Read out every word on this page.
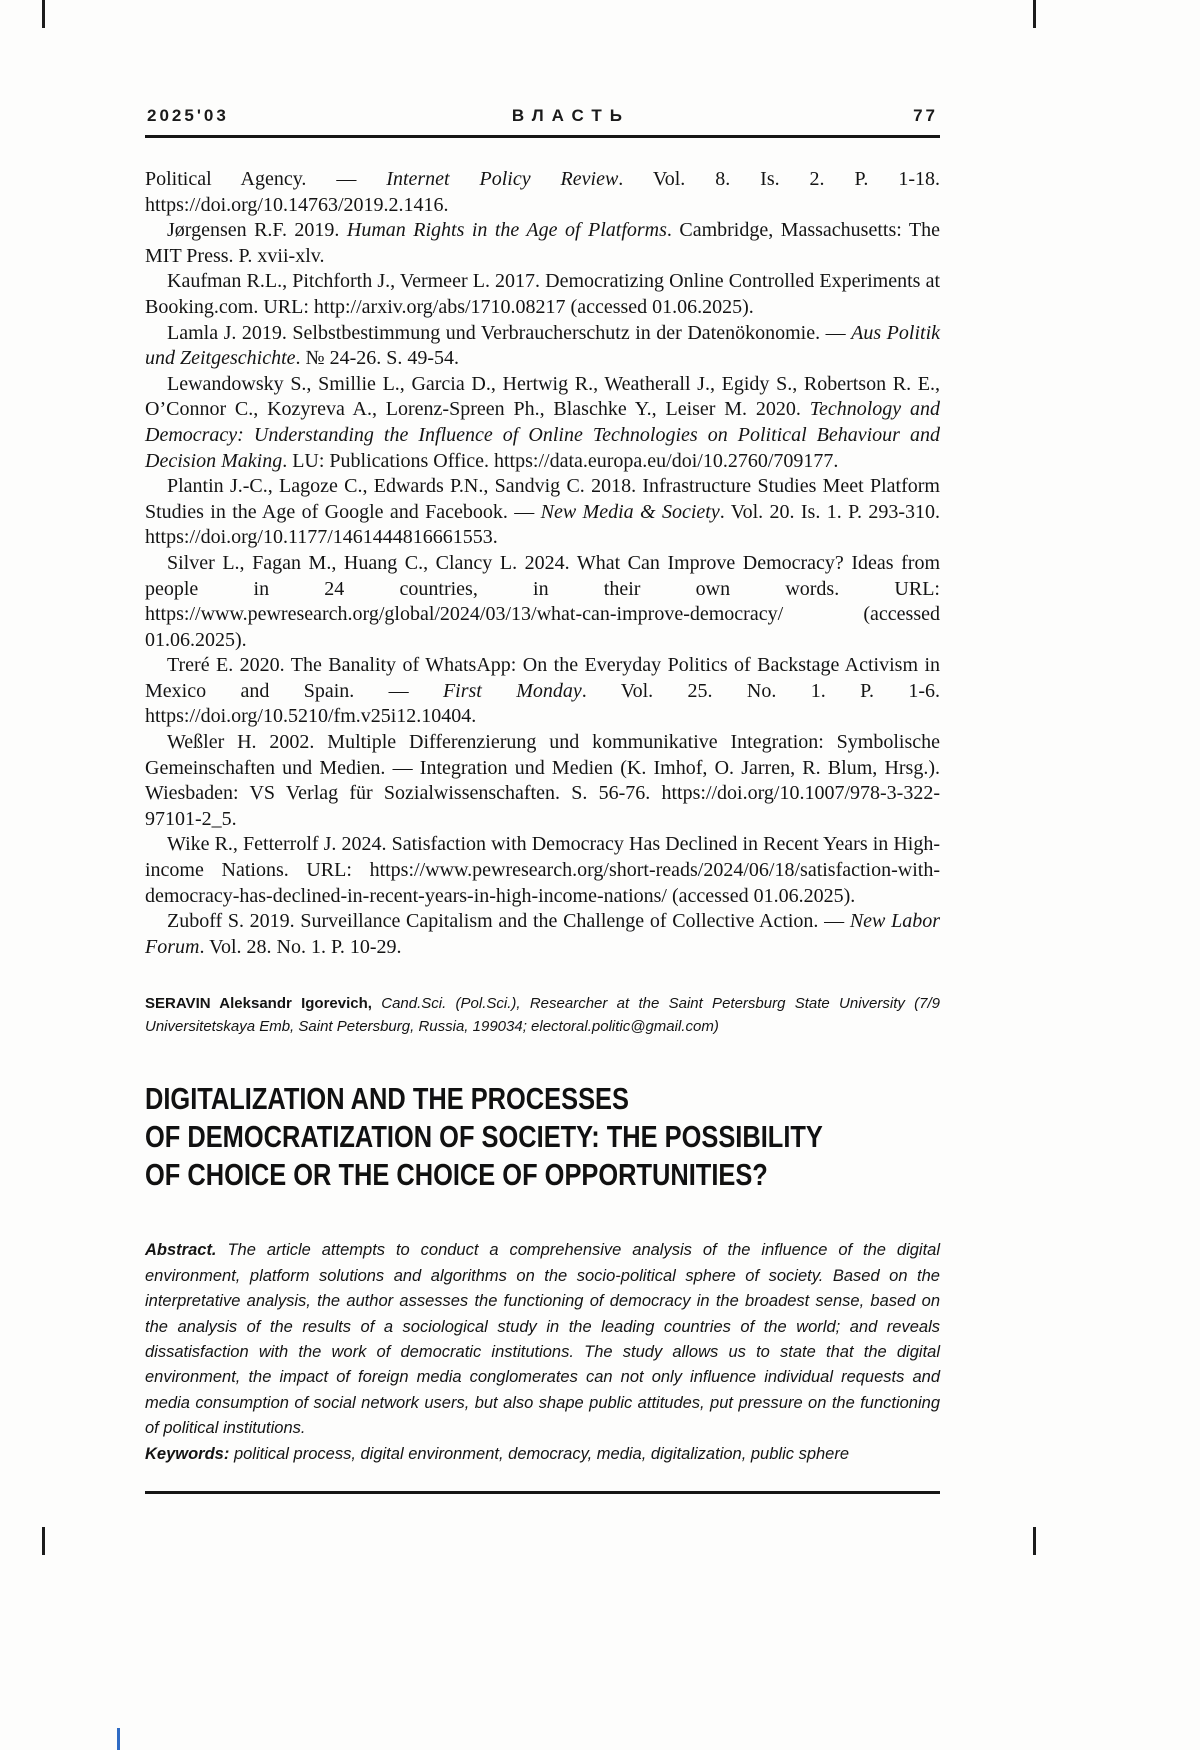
2025'03	ВЛАСТЬ	77

Political Agency. — Internet Policy Review. Vol. 8. Is. 2. P. 1-18. https://doi.org/10.14763/2019.2.1416.

Jørgensen R.F. 2019. Human Rights in the Age of Platforms. Cambridge, Massachusetts: The MIT Press. P. xvii-xlv.

Kaufman R.L., Pitchforth J., Vermeer L. 2017. Democratizing Online Controlled Experiments at Booking.com. URL: http://arxiv.org/abs/1710.08217 (accessed 01.06.2025).

Lamla J. 2019. Selbstbestimmung und Verbraucherschutz in der Datenökonomie. — Aus Politik und Zeitgeschichte. № 24-26. S. 49-54.

Lewandowsky S., Smillie L., Garcia D., Hertwig R., Weatherall J., Egidy S., Robertson R. E., O’Connor C., Kozyreva A., Lorenz-Spreen Ph., Blaschke Y., Leiser M. 2020. Technology and Democracy: Understanding the Influence of Online Technologies on Political Behaviour and Decision Making. LU: Publications Office. https://data.europa.eu/doi/10.2760/709177.

Plantin J.-C., Lagoze C., Edwards P.N., Sandvig C. 2018. Infrastructure Studies Meet Platform Studies in the Age of Google and Facebook. — New Media & Society. Vol. 20. Is. 1. P. 293-310. https://doi.org/10.1177/1461444816661553.

Silver L., Fagan M., Huang C., Clancy L. 2024. What Can Improve Democracy? Ideas from people in 24 countries, in their own words. URL: https://www.pewresearch.org/global/2024/03/13/what-can-improve-democracy/ (accessed 01.06.2025).

Treré E. 2020. The Banality of WhatsApp: On the Everyday Politics of Backstage Activism in Mexico and Spain. — First Monday. Vol. 25. No. 1. P. 1-6. https://doi.org/10.5210/fm.v25i12.10404.

Weßler H. 2002. Multiple Differenzierung und kommunikative Integration: Symbolische Gemeinschaften und Medien. — Integration und Medien (K. Imhof, O. Jarren, R. Blum, Hrsg.). Wiesbaden: VS Verlag für Sozialwissenschaften. S. 56-76. https://doi.org/10.1007/978-3-322-97101-2_5.

Wike R., Fetterrolf J. 2024. Satisfaction with Democracy Has Declined in Recent Years in High-income Nations. URL: https://www.pewresearch.org/short-reads/2024/06/18/satisfaction-with-democracy-has-declined-in-recent-years-in-high-income-nations/ (accessed 01.06.2025).

Zuboff S. 2019. Surveillance Capitalism and the Challenge of Collective Action. — New Labor Forum. Vol. 28. No. 1. P. 10-29.

SERAVIN Aleksandr Igorevich, Cand.Sci. (Pol.Sci.), Researcher at the Saint Petersburg State University (7/9 Universitetskaya Emb, Saint Petersburg, Russia, 199034; electoral.politic@gmail.com)
DIGITALIZATION AND THE PROCESSES
OF DEMOCRATIZATION OF SOCIETY: THE POSSIBILITY
OF CHOICE OR THE CHOICE OF OPPORTUNITIES?

Abstract. The article attempts to conduct a comprehensive analysis of the influence of the digital environment, platform solutions and algorithms on the socio-political sphere of society. Based on the interpretative analysis, the author assesses the functioning of democracy in the broadest sense, based on the analysis of the results of a sociological study in the leading countries of the world; and reveals dissatisfaction with the work of democratic institutions. The study allows us to state that the digital environment, the impact of foreign media conglomerates can not only influence individual requests and media consumption of social network users, but also shape public attitudes, put pressure on the functioning of political institutions.

Keywords: political process, digital environment, democracy, media, digitalization, public sphere
